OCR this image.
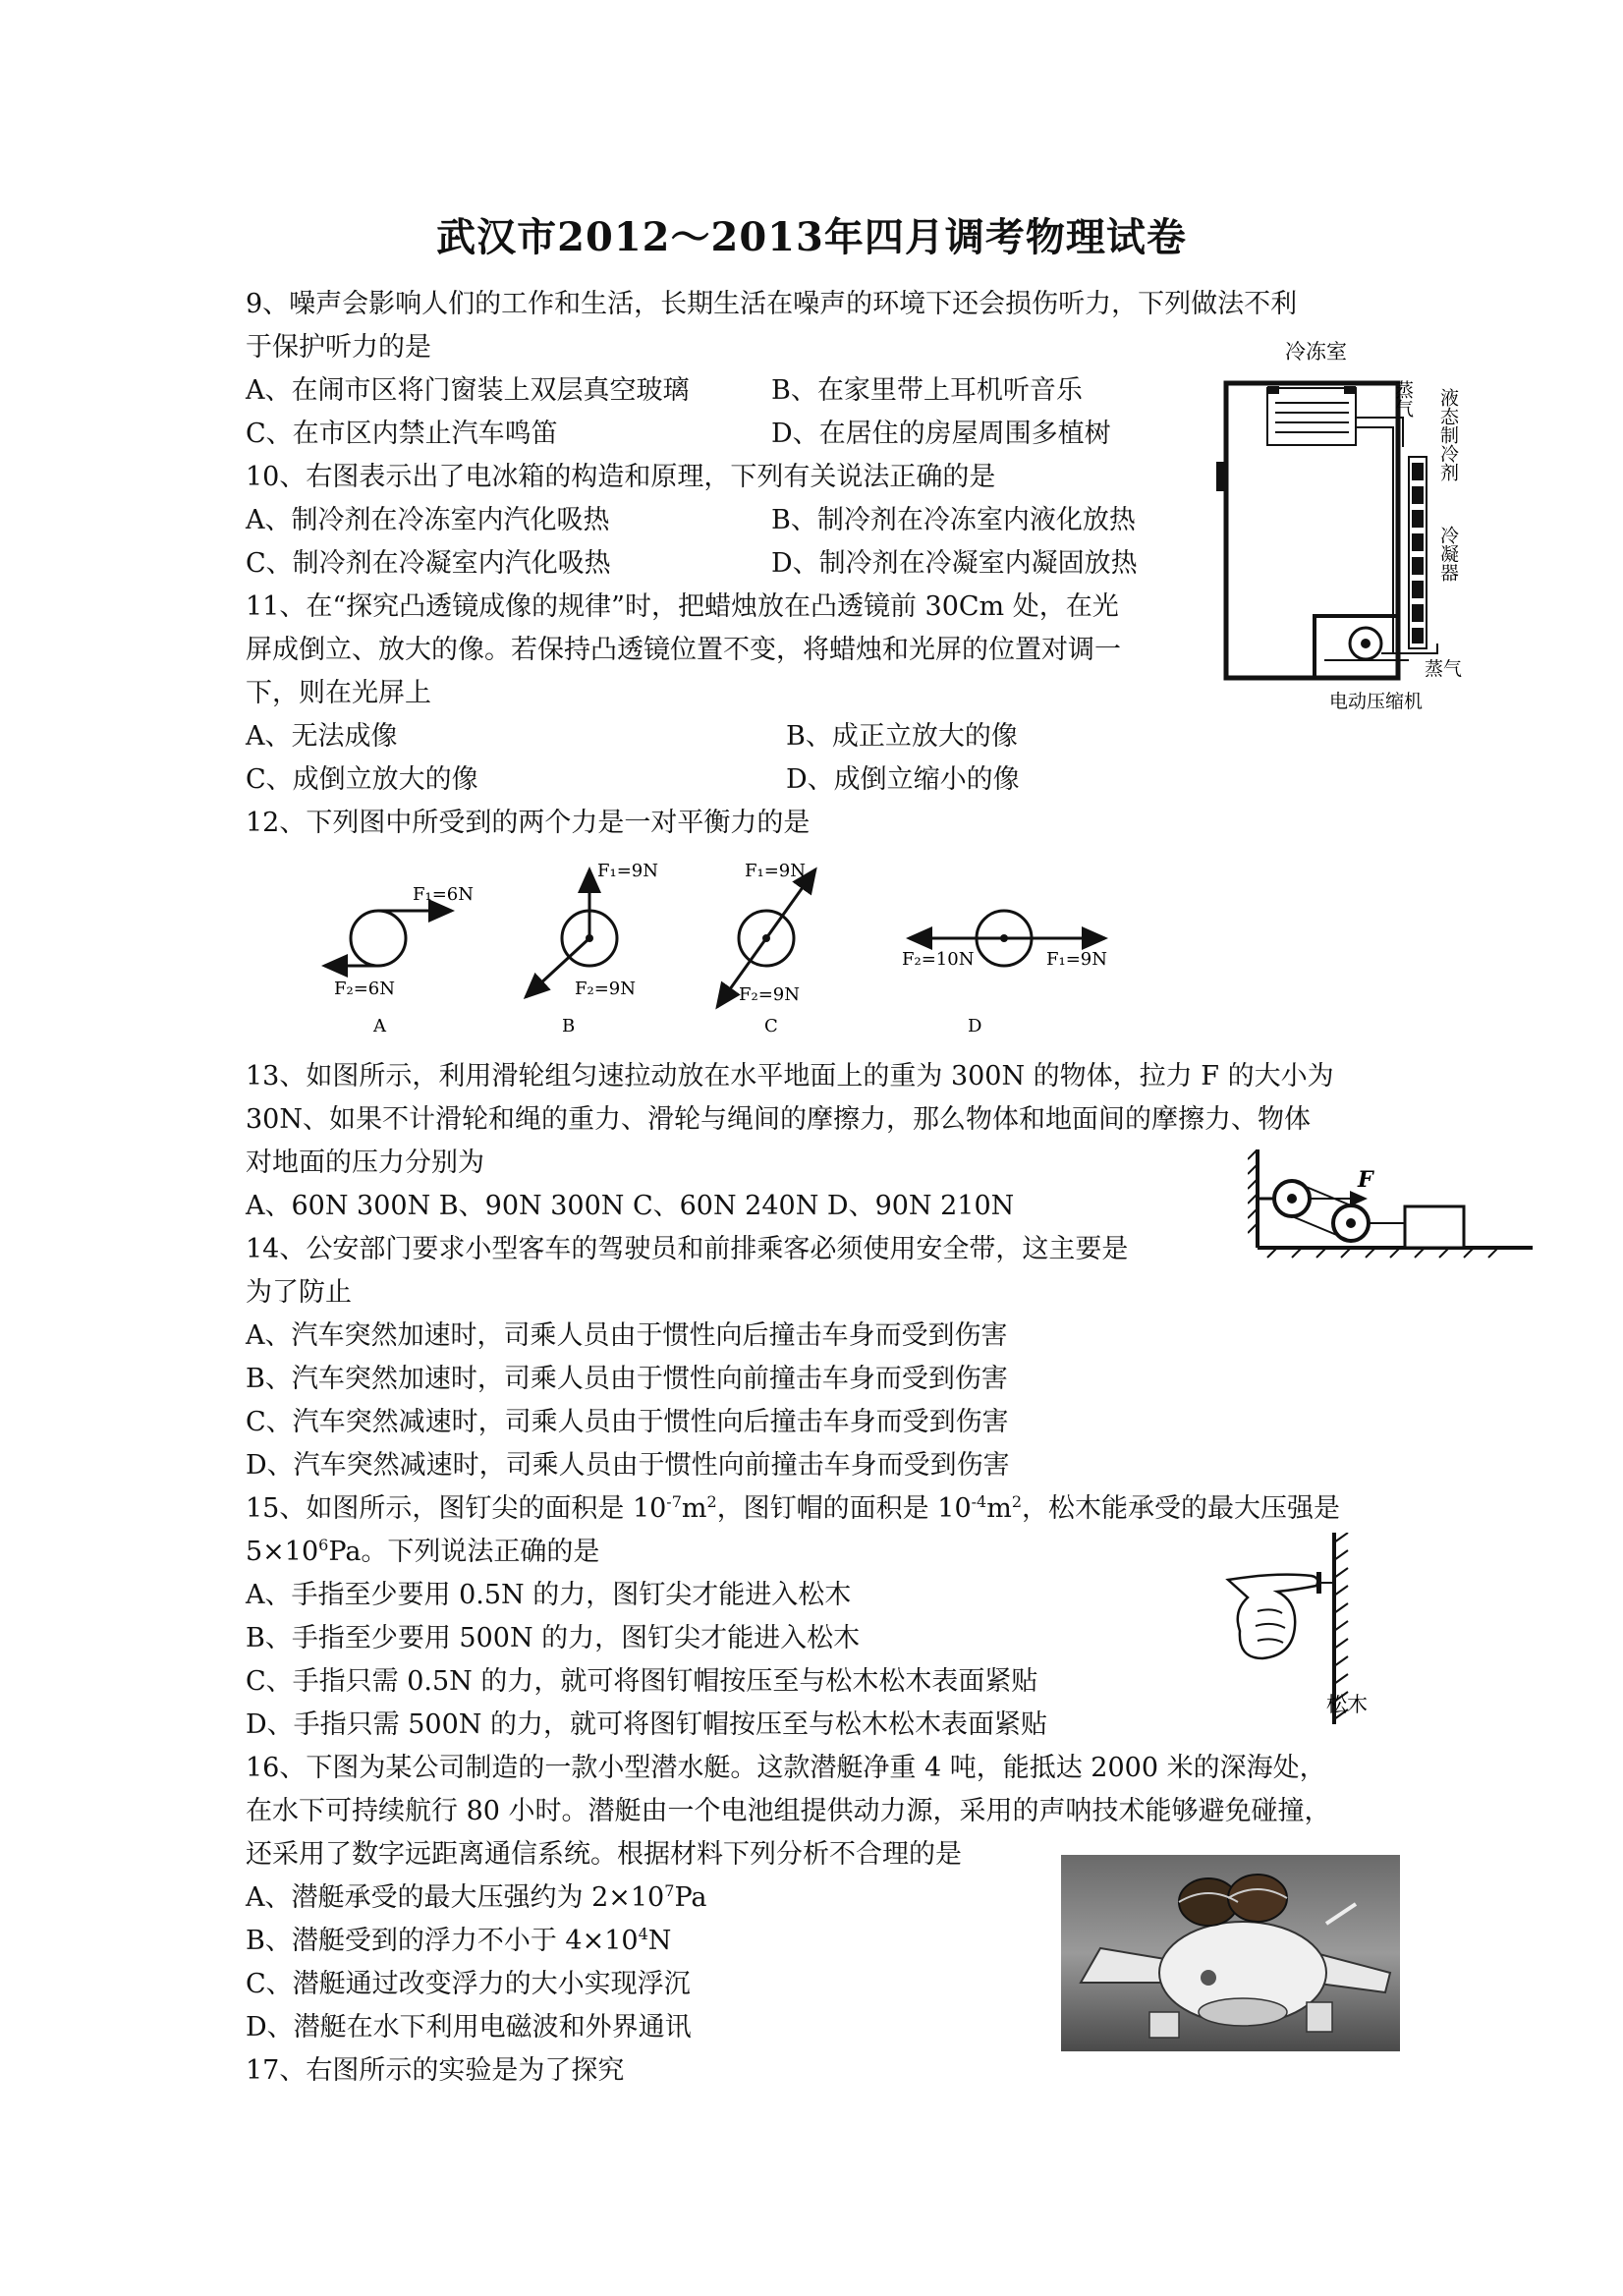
武汉市2012～2013年四月调考物理试卷
9、噪声会影响人们的工作和生活，长期生活在噪声的环境下还会损伤听力，下列做法不利
于保护听力的是
A、在闹市区将门窗装上双层真空玻璃	B、在家里带上耳机听音乐
C、在市区内禁止汽车鸣笛	D、在居住的房屋周围多植树
10、右图表示出了电冰箱的构造和原理，下列有关说法正确的是
A、制冷剂在冷冻室内汽化吸热	B、制冷剂在冷冻室内液化放热
C、制冷剂在冷凝室内汽化吸热	D、制冷剂在冷凝室内凝固放热
冷冻室
蒸气 液态制冷剂
冷凝器
蒸气
电动压缩机
11、在“探究凸透镜成像的规律”时，把蜡烛放在凸透镜前 30Cm 处，在光
屏成倒立、放大的像。若保持凸透镜位置不变，将蜡烛和光屏的位置对调一
下，则在光屏上
A、无法成像	B、成正立放大的像
C、成倒立放大的像	D、成倒立缩小的像
12、下列图中所受到的两个力是一对平衡力的是
F₁=6N
F₂=6N
A
F₁=9N
F₂=9N
B
F₁=9N
F₂=9N
C
F₁=9N
F₂=10N
D
13、如图所示，利用滑轮组匀速拉动放在水平地面上的重为 300N 的物体，拉力 F 的大小为
30N、如果不计滑轮和绳的重力、滑轮与绳间的摩擦力，那么物体和地面间的摩擦力、物体
对地面的压力分别为
A、60N 300N B、90N 300N C、60N 240N D、90N 210N
F
14、公安部门要求小型客车的驾驶员和前排乘客必须使用安全带，这主要是
为了防止
A、汽车突然加速时，司乘人员由于惯性向后撞击车身而受到伤害
B、汽车突然加速时，司乘人员由于惯性向前撞击车身而受到伤害
C、汽车突然减速时，司乘人员由于惯性向后撞击车身而受到伤害
D、汽车突然减速时，司乘人员由于惯性向前撞击车身而受到伤害
15、如图所示，图钉尖的面积是 $10^{-7}m^2$，图钉帽的面积是 $10^{-4}m^2$，松木能承受的最大压强是
$5\times 10^6Pa$。下列说法正确的是
A、手指至少要用 0.5N 的力，图钉尖才能进入松木
B、手指至少要用 500N 的力，图钉尖才能进入松木
C、手指只需 0.5N 的力，就可将图钉帽按压至与松木松木表面紧贴
D、手指只需 500N 的力，就可将图钉帽按压至与松木松木表面紧贴
松木
16、下图为某公司制造的一款小型潜水艇。这款潜艇净重 4 吨，能抵达 2000 米的深海处，
在水下可持续航行 80 小时。潜艇由一个电池组提供动力源，采用的声呐技术能够避免碰撞，
还采用了数字远距离通信系统。根据材料下列分析不合理的是
A、潜艇承受的最大压强约为 $2\times 10^7Pa$
B、潜艇受到的浮力不小于 $4\times 10^4N$
C、潜艇通过改变浮力的大小实现浮沉
D、潜艇在水下利用电磁波和外界通讯
17、右图所示的实验是为了探究
